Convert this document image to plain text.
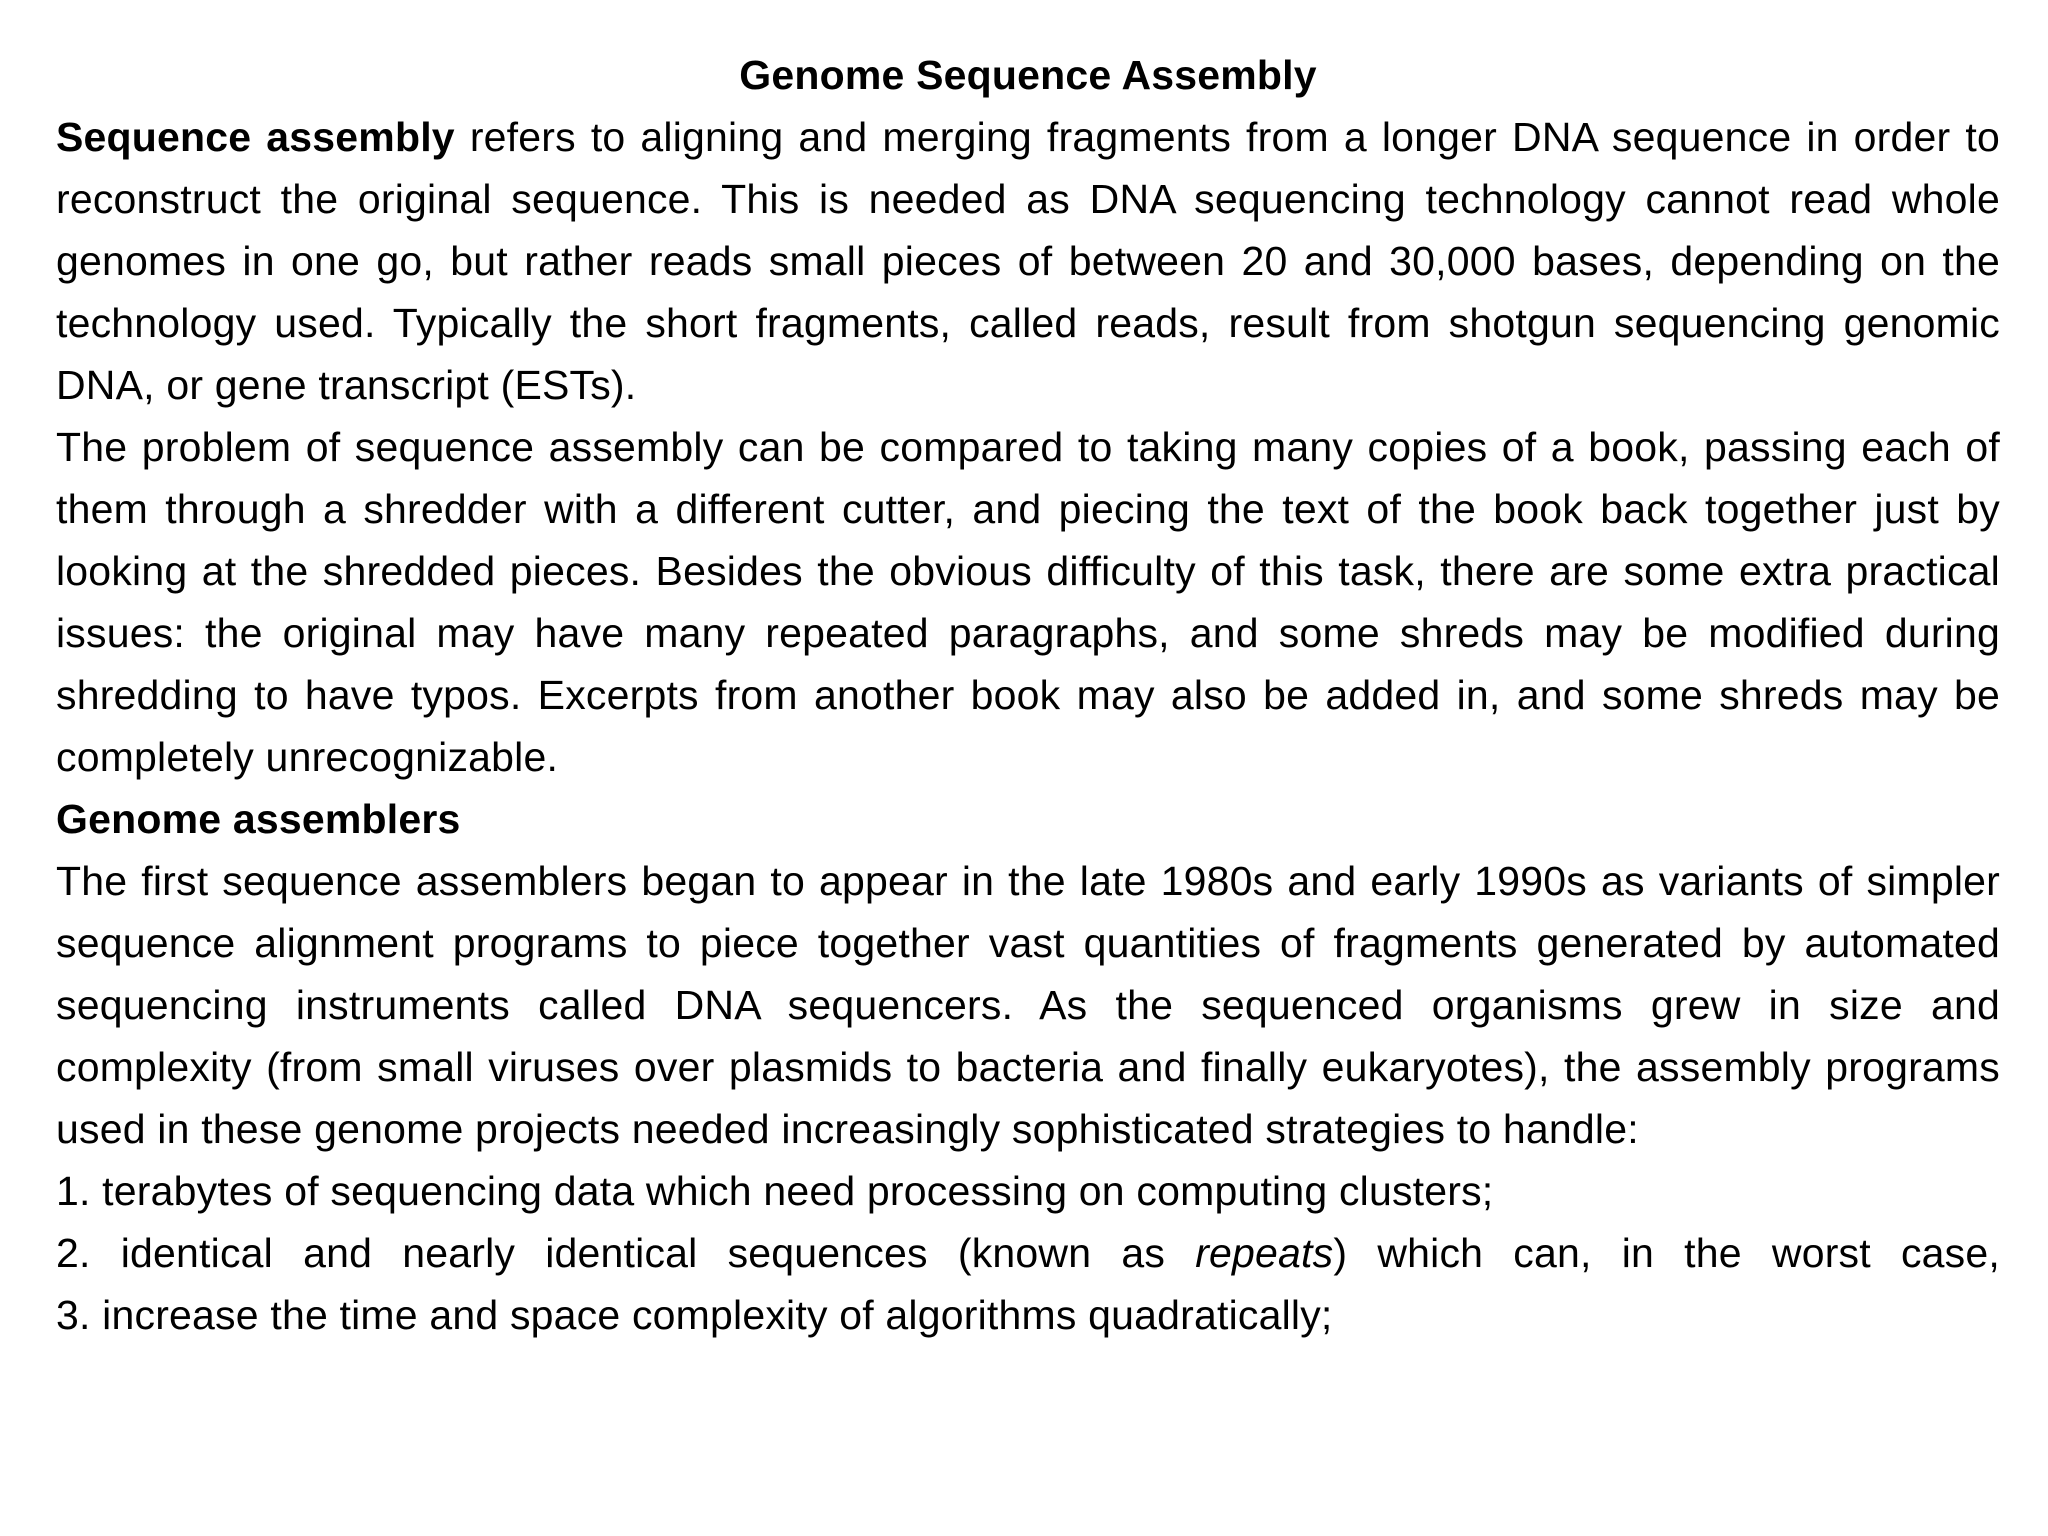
Genome Sequence Assembly

Sequence assembly refers to aligning and merging fragments from a longer DNA sequence in order to reconstruct the original sequence. This is needed as DNA sequencing technology cannot read whole genomes in one go, but rather reads small pieces of between 20 and 30,000 bases, depending on the technology used. Typically the short fragments, called reads, result from shotgun sequencing genomic DNA, or gene transcript (ESTs).

The problem of sequence assembly can be compared to taking many copies of a book, passing each of them through a shredder with a different cutter, and piecing the text of the book back together just by looking at the shredded pieces. Besides the obvious difficulty of this task, there are some extra practical issues: the original may have many repeated paragraphs, and some shreds may be modified during shredding to have typos. Excerpts from another book may also be added in, and some shreds may be completely unrecognizable.

Genome assemblers

The first sequence assemblers began to appear in the late 1980s and early 1990s as variants of simpler sequence alignment programs to piece together vast quantities of fragments generated by automated sequencing instruments called DNA sequencers. As the sequenced organisms grew in size and complexity (from small viruses over plasmids to bacteria and finally eukaryotes), the assembly programs used in these genome projects needed increasingly sophisticated strategies to handle:

1. terabytes of sequencing data which need processing on computing clusters;
2. identical and nearly identical sequences (known as repeats) which can, in the worst case,
3. increase the time and space complexity of algorithms quadratically;
